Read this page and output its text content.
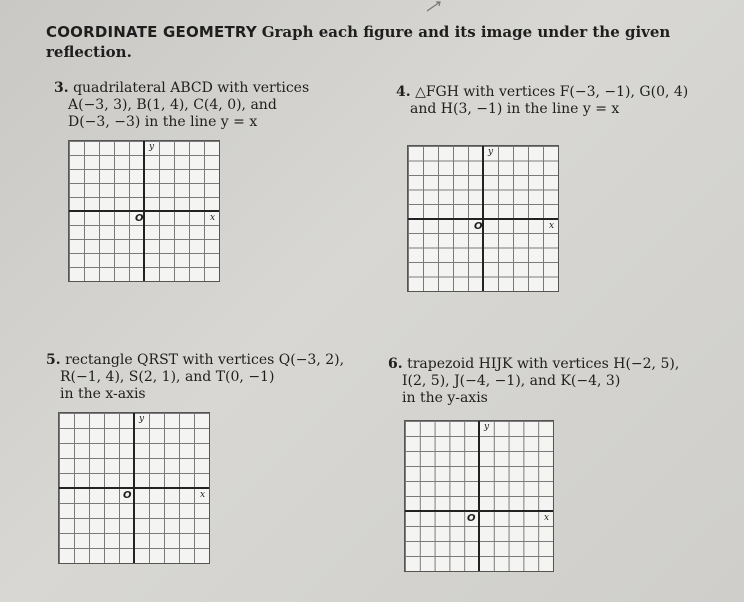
COORDINATE GEOMETRY Graph each figure and its image under the given
reflection.
3. quadrilateral ABCD with vertices
A(−3, 3), B(1, 4), C(4, 0), and
D(−3, −3) in the line y = x
y
x
O
4. △FGH with vertices F(−3, −1), G(0, 4)
and H(3, −1) in the line y = x
y
x
O
5. rectangle QRST with vertices Q(−3, 2),
R(−1, 4), S(2, 1), and T(0, −1)
in the x-axis
y
x
O
6. trapezoid HIJK with vertices H(−2, 5),
I(2, 5), J(−4, −1), and K(−4, 3)
in the y-axis
y
x
O
